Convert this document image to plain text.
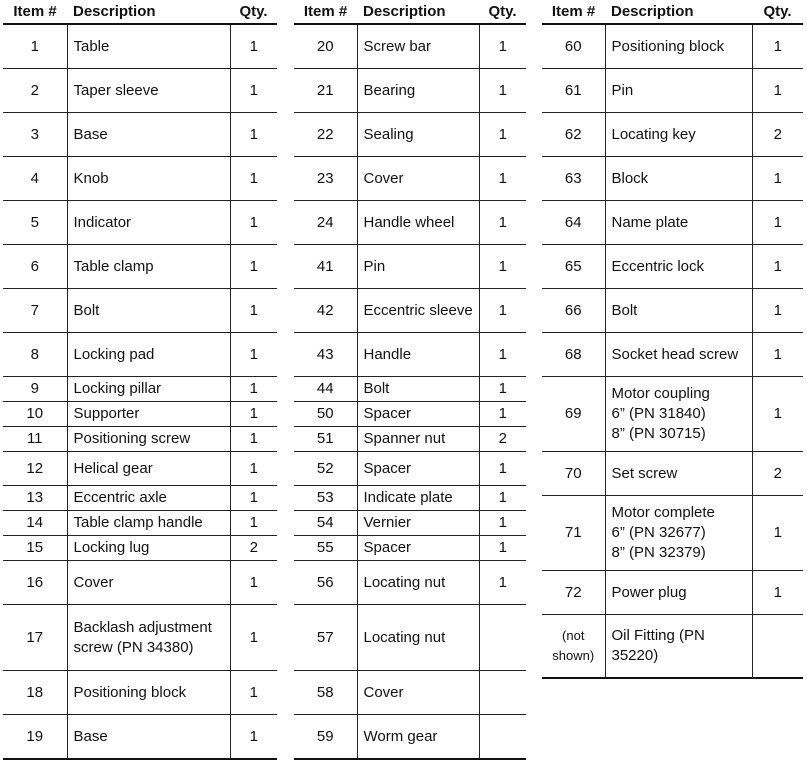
Item #	Description	Qty.
1	Table	1
2	Taper sleeve	1
3	Base	1
4	Knob	1
5	Indicator	1
6	Table clamp	1
7	Bolt	1
8	Locking pad	1
9	Locking pillar	1
10	Supporter	1
11	Positioning screw	1
12	Helical gear	1
13	Eccentric axle	1
14	Table clamp handle	1
15	Locking lug	2
16	Cover	1
17	Backlash adjustment
screw (PN 34380)	1
18	Positioning block	1
19	Base	1
Item #	Description	Qty.
20	Screw bar	1
21	Bearing	1
22	Sealing	1
23	Cover	1
24	Handle wheel	1
41	Pin	1
42	Eccentric sleeve	1
43	Handle	1
44	Bolt	1
50	Spacer	1
51	Spanner nut	2
52	Spacer	1
53	Indicate plate	1
54	Vernier	1
55	Spacer	1
56	Locating nut	1
57	Locating nut	
58	Cover	
59	Worm gear	
Item #	Description	Qty.
60	Positioning block	1
61	Pin	1
62	Locating key	2
63	Block	1
64	Name plate	1
65	Eccentric lock	1
66	Bolt	1
68	Socket head screw	1
69	Motor coupling
6” (PN 31840)
8” (PN 30715)	1
70	Set screw	2
71	Motor complete
6” (PN 32677)
8” (PN 32379)	1
72	Power plug	1

(not
shown)	Oil Fitting (PN
35220)	
